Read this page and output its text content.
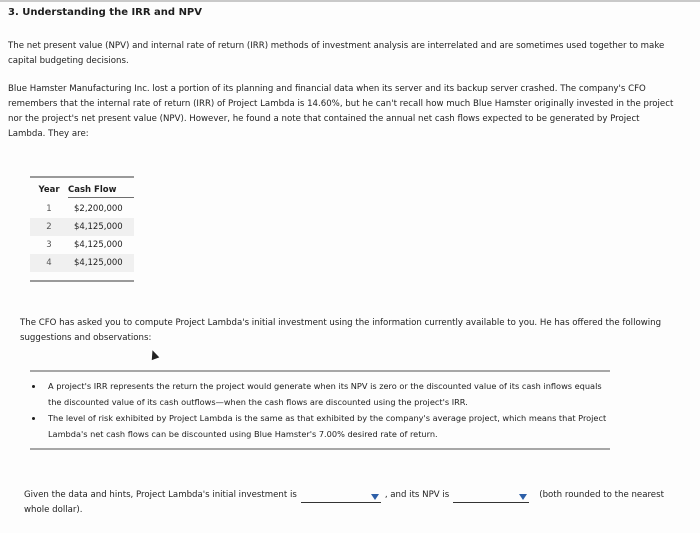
3. Understanding the IRR and NPV
The net present value (NPV) and internal rate of return (IRR) methods of investment analysis are interrelated and are sometimes used together to make capital budgeting decisions.
Blue Hamster Manufacturing Inc. lost a portion of its planning and financial data when its server and its backup server crashed. The company's CFO remembers that the internal rate of return (IRR) of Project Lambda is 14.60%, but he can't recall how much Blue Hamster originally invested in the project nor the project's net present value (NPV). However, he found a note that contained the annual net cash flows expected to be generated by Project Lambda. They are:
Year Cash Flow
1	$2,200,000
2	$4,125,000
3	$4,125,000
4	$4,125,000
The CFO has asked you to compute Project Lambda's initial investment using the information currently available to you. He has offered the following suggestions and observations:
• A project's IRR represents the return the project would generate when its NPV is zero or the discounted value of its cash inflows equals the discounted value of its cash outflows—when the cash flows are discounted using the project's IRR.
• The level of risk exhibited by Project Lambda is the same as that exhibited by the company's average project, which means that Project Lambda's net cash flows can be discounted using Blue Hamster's 7.00% desired rate of return.
Given the data and hints, Project Lambda's initial investment is	, and its NPV is	(both rounded to the nearest
whole dollar).
